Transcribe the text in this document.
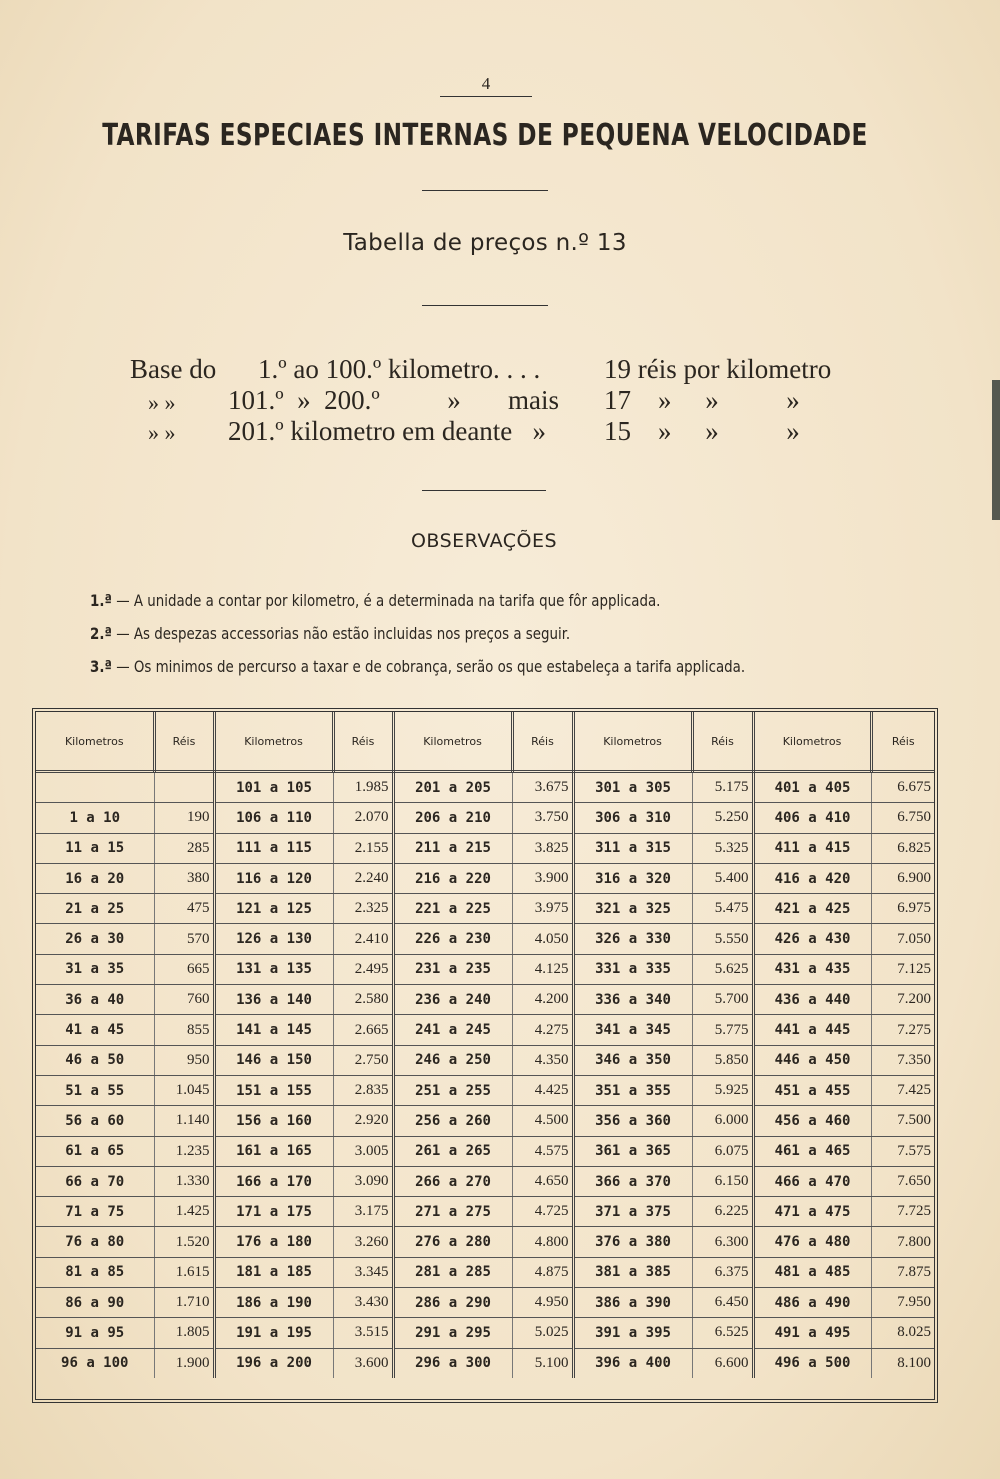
4
TARIFAS ESPECIAES INTERNAS DE PEQUENA VELOCIDADE
Tabella de preços n.º 13
Base do 1.º ao 100.º kilometro. . . . 19 réis por kilometro
» » 101.º  »  200.º          »       mais 17    »     »          »
» » 201.º kilometro em deante   » 15    »     »          »
OBSERVAÇÕES
1.ª — A unidade a contar por kilometro, é a determinada na tarifa que fôr applicada.
2.ª — As despezas accessorias não estão incluidas nos preços a seguir.
3.ª — Os minimos de percurso a taxar e de cobrança, serão os que estabeleça a tarifa applicada.
Kilometros	Réis	Kilometros	Réis	Kilometros	Réis	Kilometros	Réis	Kilometros	Réis
		101 a 105	1.985	201 a 205	3.675	301 a 305	5.175	401 a 405	6.675
1 a 10	190	106 a 110	2.070	206 a 210	3.750	306 a 310	5.250	406 a 410	6.750
11 a 15	285	111 a 115	2.155	211 a 215	3.825	311 a 315	5.325	411 a 415	6.825
16 a 20	380	116 a 120	2.240	216 a 220	3.900	316 a 320	5.400	416 a 420	6.900
21 a 25	475	121 a 125	2.325	221 a 225	3.975	321 a 325	5.475	421 a 425	6.975
26 a 30	570	126 a 130	2.410	226 a 230	4.050	326 a 330	5.550	426 a 430	7.050
31 a 35	665	131 a 135	2.495	231 a 235	4.125	331 a 335	5.625	431 a 435	7.125
36 a 40	760	136 a 140	2.580	236 a 240	4.200	336 a 340	5.700	436 a 440	7.200
41 a 45	855	141 a 145	2.665	241 a 245	4.275	341 a 345	5.775	441 a 445	7.275
46 a 50	950	146 a 150	2.750	246 a 250	4.350	346 a 350	5.850	446 a 450	7.350
51 a 55	1.045	151 a 155	2.835	251 a 255	4.425	351 a 355	5.925	451 a 455	7.425
56 a 60	1.140	156 a 160	2.920	256 a 260	4.500	356 a 360	6.000	456 a 460	7.500
61 a 65	1.235	161 a 165	3.005	261 a 265	4.575	361 a 365	6.075	461 a 465	7.575
66 a 70	1.330	166 a 170	3.090	266 a 270	4.650	366 a 370	6.150	466 a 470	7.650
71 a 75	1.425	171 a 175	3.175	271 a 275	4.725	371 a 375	6.225	471 a 475	7.725
76 a 80	1.520	176 a 180	3.260	276 a 280	4.800	376 a 380	6.300	476 a 480	7.800
81 a 85	1.615	181 a 185	3.345	281 a 285	4.875	381 a 385	6.375	481 a 485	7.875
86 a 90	1.710	186 a 190	3.430	286 a 290	4.950	386 a 390	6.450	486 a 490	7.950
91 a 95	1.805	191 a 195	3.515	291 a 295	5.025	391 a 395	6.525	491 a 495	8.025
96 a 100	1.900	196 a 200	3.600	296 a 300	5.100	396 a 400	6.600	496 a 500	8.100
